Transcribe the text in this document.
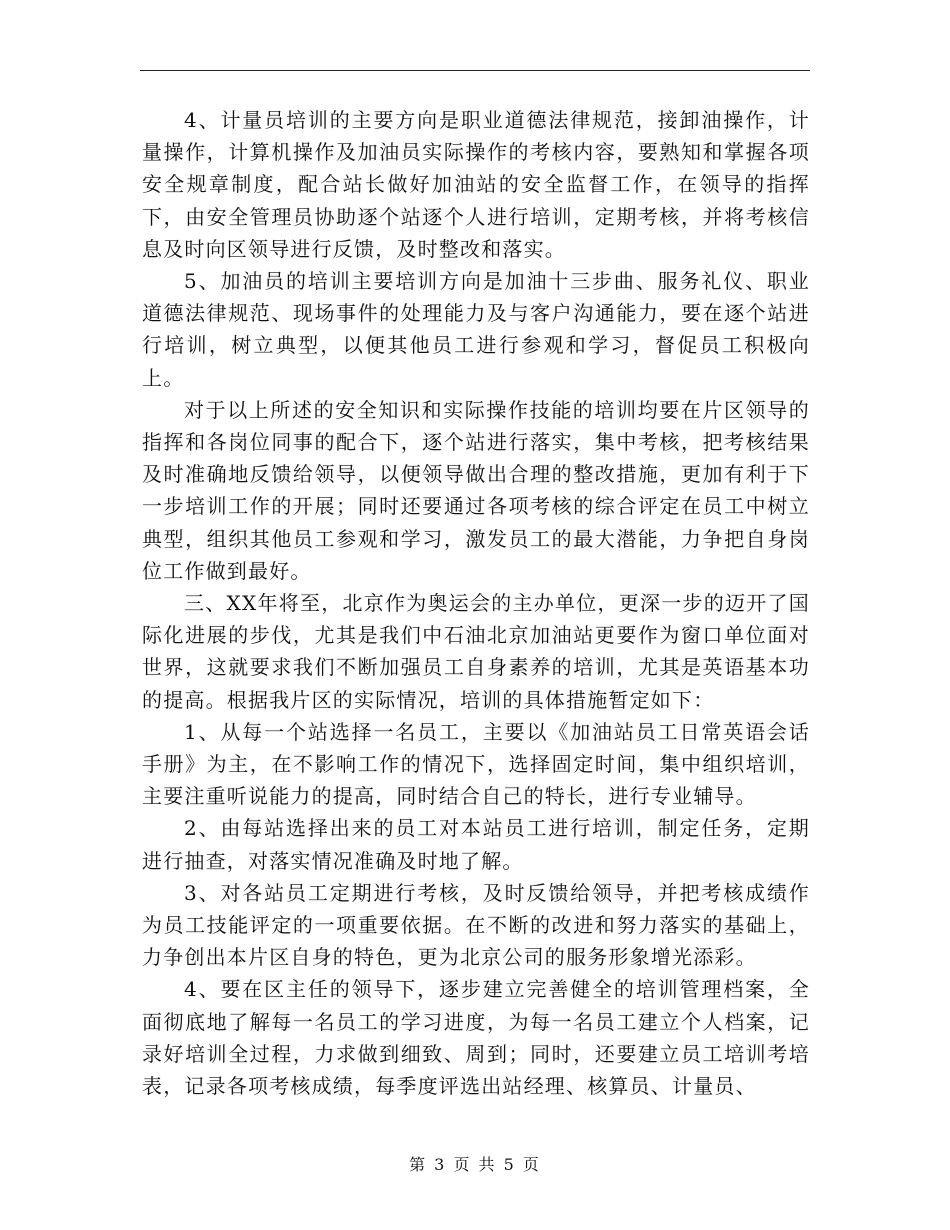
4、计量员培训的主要方向是职业道德法律规范，接卸油操作，计量操作，计算机操作及加油员实际操作的考核内容，要熟知和掌握各项安全规章制度，配合站长做好加油站的安全监督工作，在领导的指挥下，由安全管理员协助逐个站逐个人进行培训，定期考核，并将考核信息及时向区领导进行反馈，及时整改和落实。

5、加油员的培训主要培训方向是加油十三步曲、服务礼仪、职业道德法律规范、现场事件的处理能力及与客户沟通能力，要在逐个站进行培训，树立典型，以便其他员工进行参观和学习，督促员工积极向上。

对于以上所述的安全知识和实际操作技能的培训均要在片区领导的指挥和各岗位同事的配合下，逐个站进行落实，集中考核，把考核结果及时准确地反馈给领导，以便领导做出合理的整改措施，更加有利于下一步培训工作的开展；同时还要通过各项考核的综合评定在员工中树立典型，组织其他员工参观和学习，激发员工的最大潜能，力争把自身岗位工作做到最好。

三、XX年将至，北京作为奥运会的主办单位，更深一步的迈开了国际化进展的步伐，尤其是我们中石油北京加油站更要作为窗口单位面对世界，这就要求我们不断加强员工自身素养的培训，尤其是英语基本功的提高。根据我片区的实际情况，培训的具体措施暂定如下：

1、从每一个站选择一名员工，主要以《加油站员工日常英语会话手册》为主，在不影响工作的情况下，选择固定时间，集中组织培训，主要注重听说能力的提高，同时结合自己的特长，进行专业辅导。

2、由每站选择出来的员工对本站员工进行培训，制定任务，定期进行抽查，对落实情况准确及时地了解。

3、对各站员工定期进行考核，及时反馈给领导，并把考核成绩作为员工技能评定的一项重要依据。在不断的改进和努力落实的基础上，力争创出本片区自身的特色，更为北京公司的服务形象增光添彩。

4、要在区主任的领导下，逐步建立完善健全的培训管理档案，全面彻底地了解每一名员工的学习进度，为每一名员工建立个人档案，记录好培训全过程，力求做到细致、周到；同时，还要建立员工培训考培表，记录各项考核成绩，每季度评选出站经理、核算员、计量员、

第 3 页 共 5 页
